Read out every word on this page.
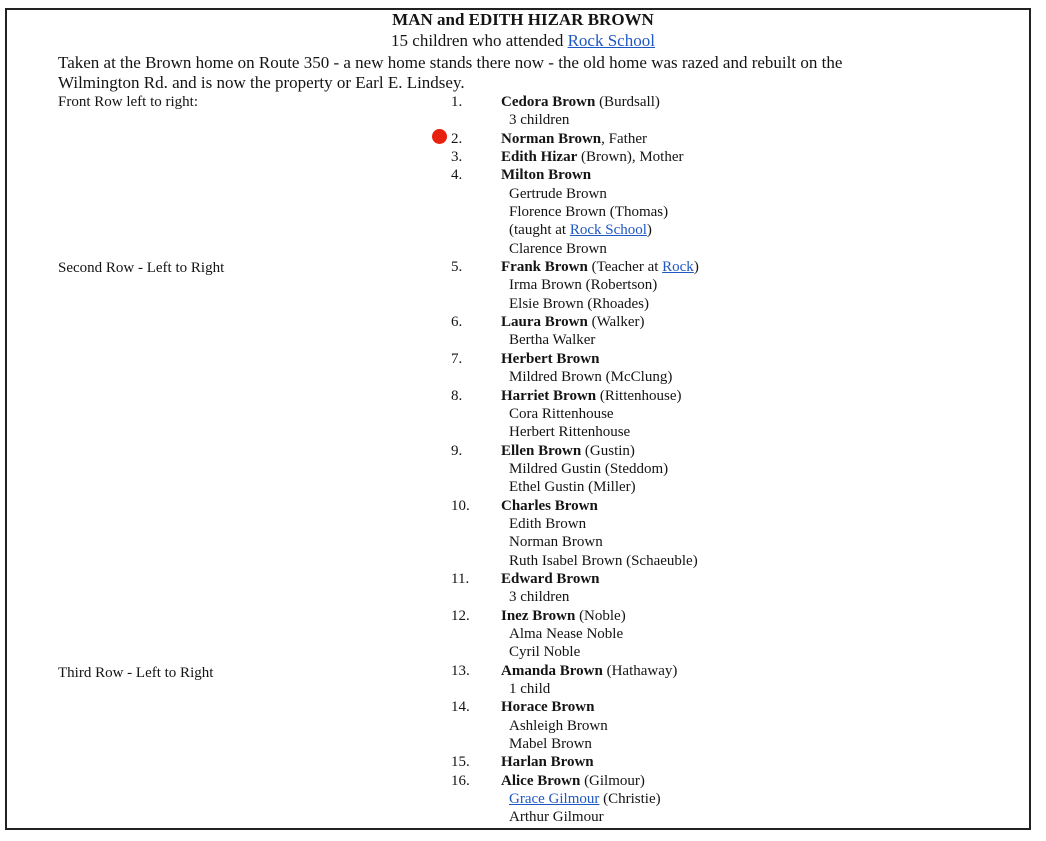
MAN and EDITH HIZAR BROWN
15 children who attended Rock School
Taken at the Brown home on Route 350 - a new home stands there now - the old home was razed and rebuilt on the
Wilmington Rd. and is now the property or Earl E. Lindsey.
Front Row left to right:
Second Row - Left to Right
Third Row - Left to Right
1.	Cedora Brown (Burdsall)
3 children
2.	Norman Brown, Father
3.	Edith Hizar (Brown), Mother
4.	Milton Brown
Gertrude Brown
Florence Brown (Thomas)
(taught at Rock School)
Clarence Brown
5.	Frank Brown (Teacher at Rock)
Irma Brown (Robertson)
Elsie Brown (Rhoades)
6.	Laura Brown (Walker)
Bertha Walker
7.	Herbert Brown
Mildred Brown (McClung)
8.	Harriet Brown (Rittenhouse)
Cora Rittenhouse
Herbert Rittenhouse
9.	Ellen Brown (Gustin)
Mildred Gustin (Steddom)
Ethel Gustin (Miller)
10. Charles Brown
Edith Brown
Norman Brown
Ruth Isabel Brown (Schaeuble)
11. Edward Brown
3 children
12. Inez Brown (Noble)
Alma Nease Noble
Cyril Noble
13. Amanda Brown (Hathaway)
1 child
14. Horace Brown
Ashleigh Brown
Mabel Brown
15. Harlan Brown
16. Alice Brown (Gilmour)
Grace Gilmour (Christie)
Arthur Gilmour
